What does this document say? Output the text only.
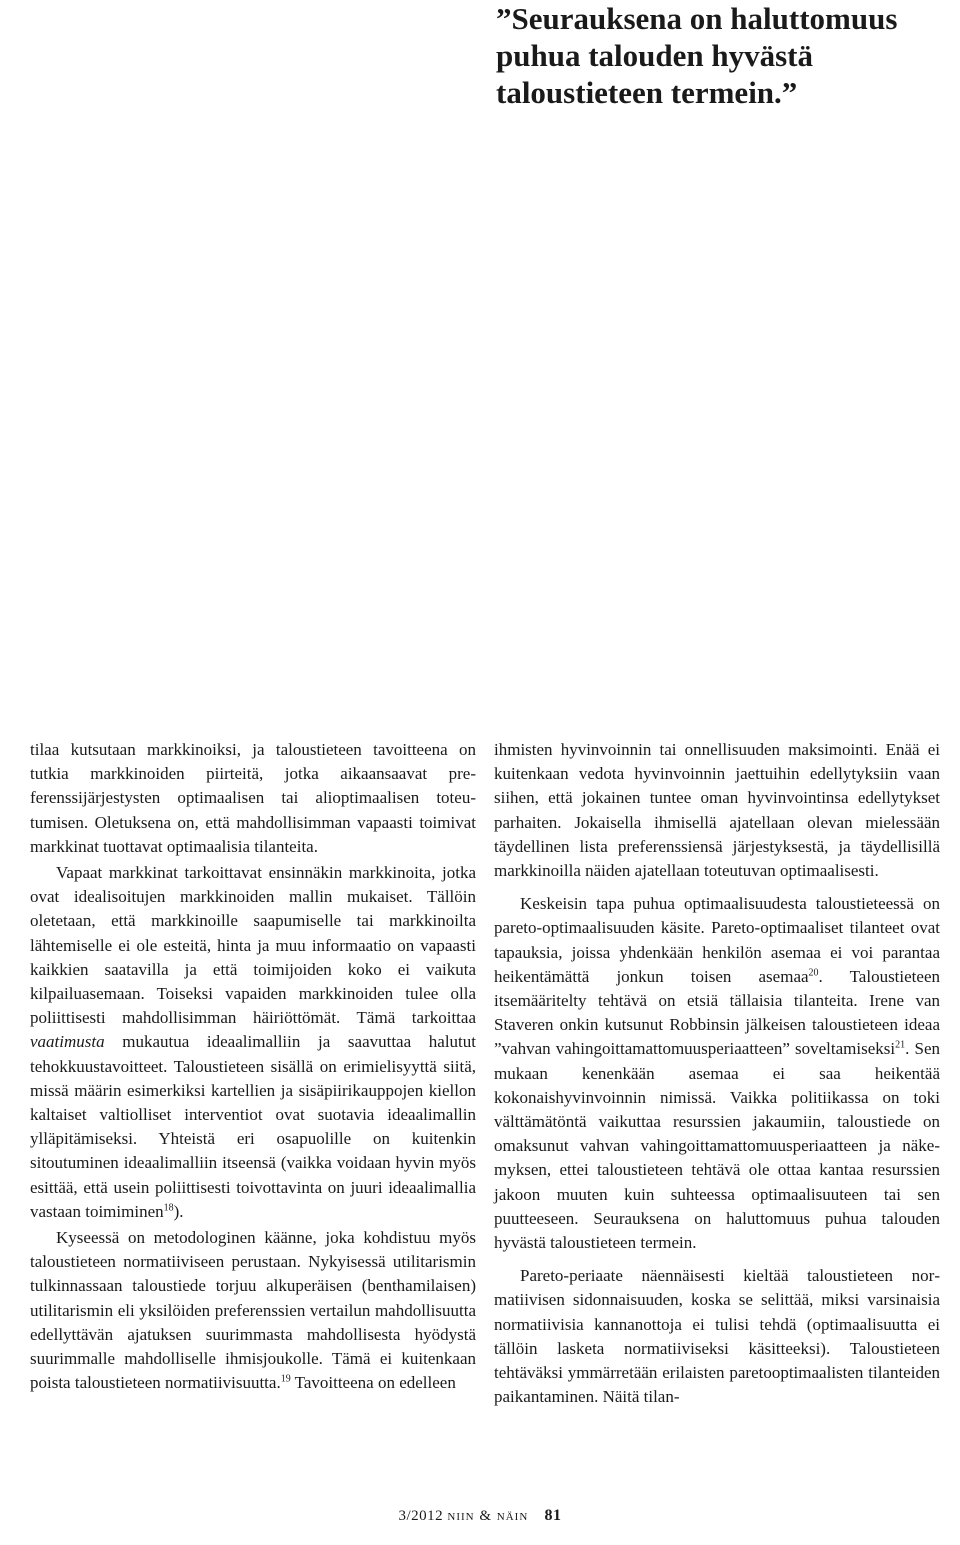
”Seurauksena on haluttomuus
puhua talouden hyvästä
taloustieteen termein.”

tilaa kutsutaan markkinoiksi, ja taloustieteen tavoitteena on tutkia markkinoiden piirteitä, jotka aikaansaavat preferenssijärjestysten optimaalisen tai alioptimaalisen toteutumisen. Oletuksena on, että mahdollisimman vapaasti toimivat markkinat tuottavat optimaalisia tilanteita.

Vapaat markkinat tarkoittavat ensinnäkin markkinoita, jotka ovat idealisoitujen markkinoiden mallin mukaiset. Tällöin oletetaan, että markkinoille saapumiselle tai markkinoilta lähtemiselle ei ole esteitä, hinta ja muu informaatio on vapaasti kaikkien saatavilla ja että toimijoiden koko ei vaikuta kilpailuasemaan. Toiseksi vapaiden markkinoiden tulee olla poliittisesti mahdollisimman häiriöttömät. Tämä tarkoittaa vaatimusta mukautua ideaalimalliin ja saavuttaa halutut tehokkuustavoitteet. Taloustieteen sisällä on erimielisyyttä siitä, missä määrin esimerkiksi kartellien ja sisäpiirikauppojen kiellon kaltaiset valtiolliset interventiot ovat suotavia ideaalimallin ylläpitämiseksi. Yhteistä eri osapuolille on kuitenkin sitoutuminen ideaalimalliin itseensä (vaikka voidaan hyvin myös esittää, että usein poliittisesti toivottavinta on juuri ideaalimallia vastaan toimiminen$^{18}$).

Kyseessä on metodologinen käänne, joka kohdistuu myös taloustieteen normatiiviseen perustaan. Nykyisessä utilitarismin tulkinnassaan taloustiede torjuu alkuperäisen (benthamilaisen) utilitarismin eli yksilöiden preferenssien vertailun mahdollisuutta edellyttävän ajatuksen suurimmasta mahdollisesta hyödystä suurimmalle mahdolliselle ihmisjoukolle. Tämä ei kuitenkaan poista taloustieteen normatiivisuutta.$^{19}$ Tavoitteena on edelleen

ihmisten hyvinvoinnin tai onnellisuuden maksimointi. Enää ei kuitenkaan vedota hyvinvoinnin jaettuihin edellytyksiin vaan siihen, että jokainen tuntee oman hyvinvointinsa edellytykset parhaiten. Jokaisella ihmisellä ajatellaan olevan mielessään täydellinen lista preferenssiensä järjestyksestä, ja täydellisillä markkinoilla näiden ajatellaan toteutuvan optimaalisesti.

Keskeisin tapa puhua optimaalisuudesta taloustieteessä on pareto-optimaalisuuden käsite. Pareto-optimaaliset tilanteet ovat tapauksia, joissa yhdenkään henkilön asemaa ei voi parantaa heikentämättä jonkun toisen asemaa$^{20}$. Taloustieteen itsemääritelty tehtävä on etsiä tällaisia tilanteita. Irene van Staveren onkin kutsunut Robbinsin jälkeisen taloustieteen ideaa ”vahvan vahingoittamattomuusperiaatteen” soveltamiseksi$^{21}$. Sen mukaan kenenkään asemaa ei saa heikentää kokonaishyvinvoinnin nimissä. Vaikka politiikassa on toki välttämätöntä vaikuttaa resurssien jakaumiin, taloustiede on omaksunut vahvan vahingoittamattomuusperiaatteen ja näkemyksen, ettei taloustieteen tehtävä ole ottaa kantaa resurssien jakoon muuten kuin suhteessa optimaalisuuteen tai sen puutteeseen. Seurauksena on haluttomuus puhua talouden hyvästä taloustieteen termein.

Pareto-periaate näennäisesti kieltää taloustieteen normatiivisen sidonnaisuuden, koska se selittää, miksi varsinaisia normatiivisia kannanottoja ei tulisi tehdä (optimaalisuutta ei tällöin lasketa normatiiviseksi käsitteeksi). Taloustieteen tehtäväksi ymmärretään erilaisten paretooptimaalisten tilanteiden paikantaminen. Näitä tilan-

3/2012 niin & näin 81
